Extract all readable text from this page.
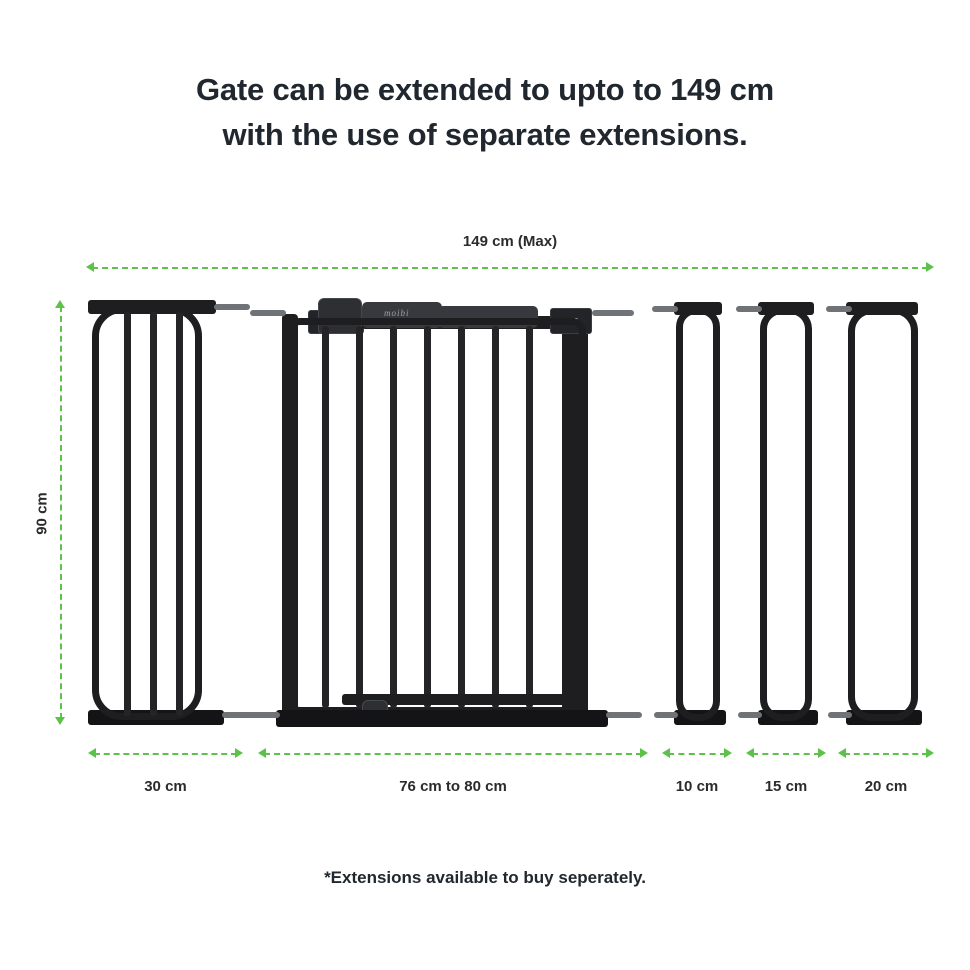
Gate can be extended to upto to 149 cm
with the use of separate extensions.
149 cm (Max)
90 cm
moibi
30 cm	76 cm to 80 cm	10 cm	15 cm	20 cm
*Extensions available to buy seperately.
